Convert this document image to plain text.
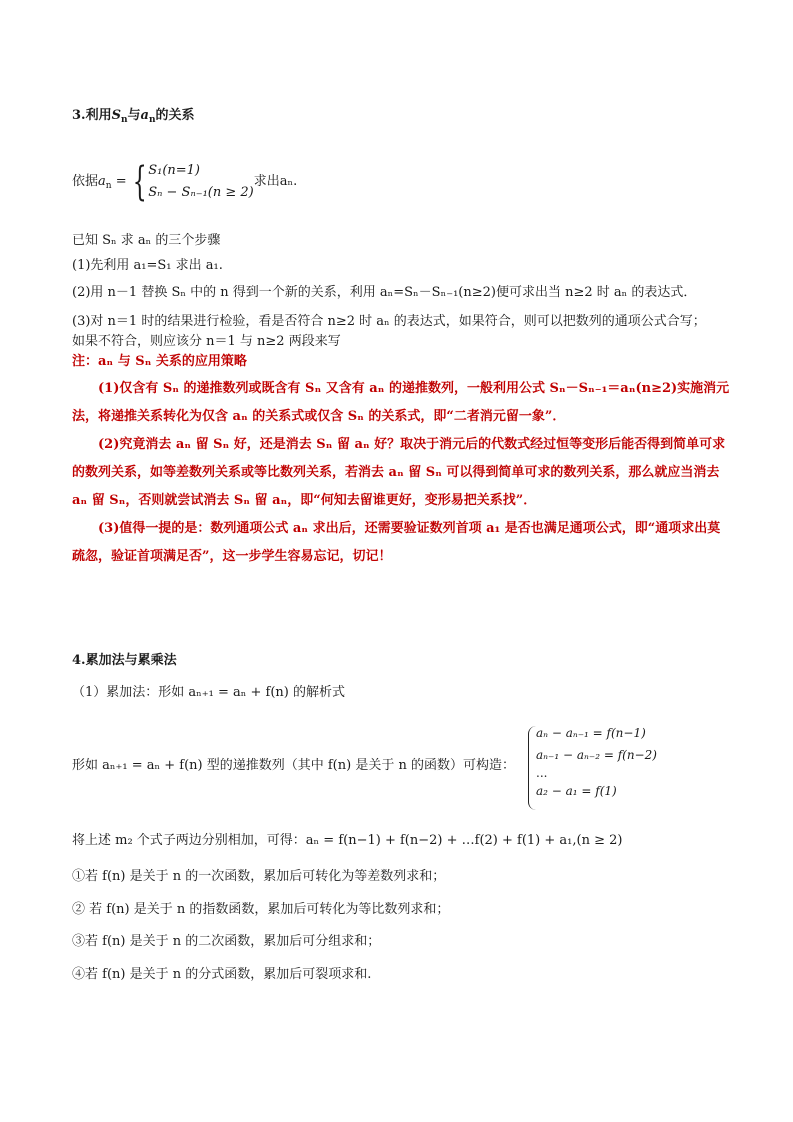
3.利用$S_n$与$a_n$的关系
依据$a_n$ = { S₁(n=1)
Sₙ − Sₙ₋₁(n ≥ 2)
求出aₙ.
已知 Sₙ 求 aₙ 的三个步骤
(1)先利用 a₁=S₁ 求出 a₁.
(2)用 n－1 替换 Sₙ 中的 n 得到一个新的关系，利用 aₙ=Sₙ－Sₙ₋₁(n≥2)便可求出当 n≥2 时 aₙ 的表达式．
(3)对 n＝1 时的结果进行检验，看是否符合 n≥2 时 aₙ 的表达式，如果符合，则可以把数列的通项公式合写；
如果不符合，则应该分 n＝1 与 n≥2 两段来写
注：aₙ 与 Sₙ 关系的应用策略
(1)仅含有 Sₙ 的递推数列或既含有 Sₙ 又含有 aₙ 的递推数列，一般利用公式 Sₙ－Sₙ₋₁＝aₙ(n≥2)实施消元法，将递推关系转化为仅含 aₙ 的关系式或仅含 Sₙ 的关系式，即“二者消元留一象”．
(2)究竟消去 aₙ 留 Sₙ 好，还是消去 Sₙ 留 aₙ 好？取决于消元后的代数式经过恒等变形后能否得到简单可求的数列关系，如等差数列关系或等比数列关系，若消去 aₙ 留 Sₙ 可以得到简单可求的数列关系，那么就应当消去 aₙ 留 Sₙ，否则就尝试消去 Sₙ 留 aₙ，即“何知去留谁更好，变形易把关系找”．
(3)值得一提的是：数列通项公式 aₙ 求出后，还需要验证数列首项 a₁ 是否也满足通项公式，即“通项求出莫疏忽，验证首项满足否”，这一步学生容易忘记，切记！
4.累加法与累乘法
（1）累加法：形如 aₙ₊₁ = aₙ + f(n) 的解析式
形如 aₙ₊₁ = aₙ + f(n) 型的递推数列（其中 f(n) 是关于 n 的函数）可构造：
aₙ − aₙ₋₁ = f(n−1)
aₙ₋₁ − aₙ₋₂ = f(n−2)
...
a₂ − a₁ = f(1)
将上述 m₂ 个式子两边分别相加，可得：aₙ = f(n−1) + f(n−2) + …f(2) + f(1) + a₁,(n ≥ 2)
①若 f(n) 是关于 n 的一次函数，累加后可转化为等差数列求和；
② 若 f(n) 是关于 n 的指数函数，累加后可转化为等比数列求和；
③若 f(n) 是关于 n 的二次函数，累加后可分组求和；
④若 f(n) 是关于 n 的分式函数，累加后可裂项求和.
